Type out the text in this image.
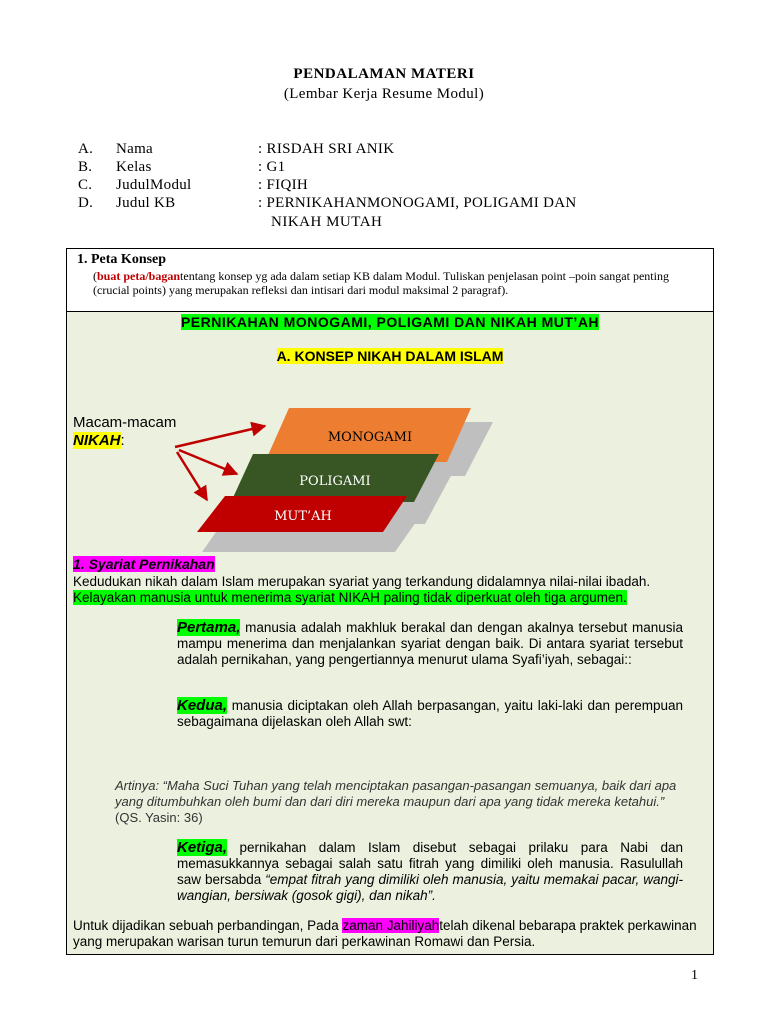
PENDALAMAN MATERI
(Lembar Kerja Resume Modul)
A. Nama	: RISDAH SRI ANIK
B. Kelas	: G1
C. JudulModul	: FIQIH
D. Judul KB	: PERNIKAHANMONOGAMI, POLIGAMI DAN
NIKAH MUTAH
1. Peta Konsep
(buat peta/bagantentang konsep yg ada dalam setiap KB dalam Modul. Tuliskan penjelasan point –poin sangat penting (crucial points) yang merupakan refleksi dan intisari dari modul maksimal 2 paragraf).
PERNIKAHAN MONOGAMI, POLIGAMI DAN NIKAH MUT’AH
A. KONSEP NIKAH DALAM ISLAM
Macam-macam
NIKAH:	MONOGAMI
POLIGAMI
MUT’AH
1. Syariat Pernikahan
Kedudukan nikah dalam Islam merupakan syariat yang terkandung didalamnya nilai-nilai ibadah.
Kelayakan manusia untuk menerima syariat NIKAH paling tidak diperkuat oleh tiga argumen.
Pertama, manusia adalah makhluk berakal dan dengan akalnya tersebut manusia mampu menerima dan menjalankan syariat dengan baik. Di antara syariat tersebut adalah pernikahan, yang pengertiannya menurut ulama Syafi’iyah, sebagai::
Kedua, manusia diciptakan oleh Allah berpasangan, yaitu laki-laki dan perempuan sebagaimana dijelaskan oleh Allah swt:
Artinya: “Maha Suci Tuhan yang telah menciptakan pasangan-pasangan semuanya, baik dari apa yang ditumbuhkan oleh bumi dan dari diri mereka maupun dari apa yang tidak mereka ketahui.” (QS. Yasin: 36)
Ketiga, pernikahan dalam Islam disebut sebagai prilaku para Nabi dan memasukkannya sebagai salah satu fitrah yang dimiliki oleh manusia. Rasulullah saw bersabda “empat fitrah yang dimiliki oleh manusia, yaitu memakai pacar, wangi-wangian, bersiwak (gosok gigi), dan nikah”.
Untuk dijadikan sebuah perbandingan, Pada zaman Jahiliyahtelah dikenal bebarapa praktek perkawinan yang merupakan warisan turun temurun dari perkawinan Romawi dan Persia.
1
